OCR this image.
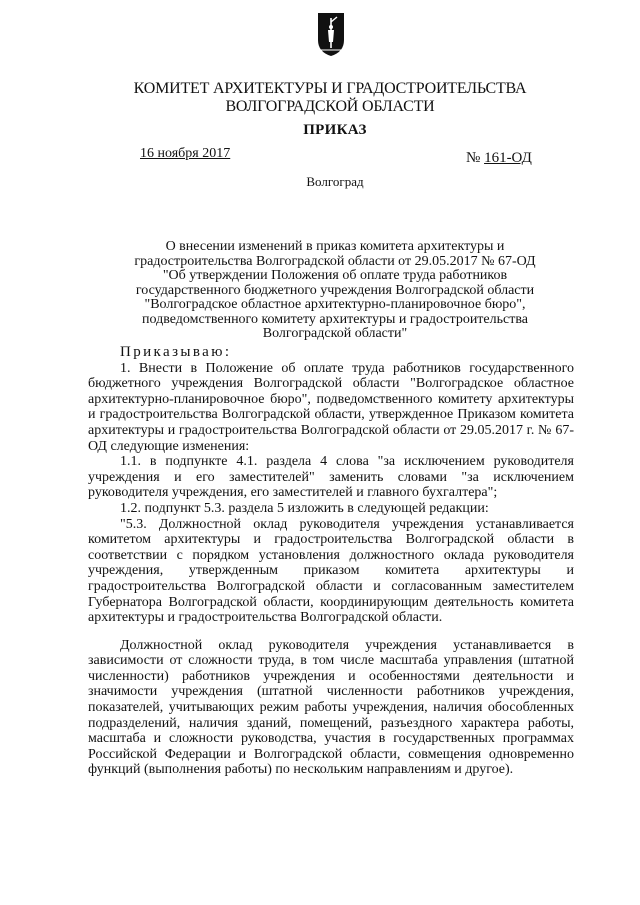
КОМИТЕТ АРХИТЕКТУРЫ И ГРАДОСТРОИТЕЛЬСТВА
ВОЛГОГРАДСКОЙ ОБЛАСТИ
ПРИКАЗ
16 ноября 2017	№ 161-ОД
Волгоград
О внесении изменений в приказ комитета архитектуры и
градостроительства Волгоградской области от 29.05.2017 № 67-ОД
"Об утверждении Положения об оплате труда работников
государственного бюджетного учреждения Волгоградской области
"Волгоградское областное архитектурно-планировочное бюро",
подведомственного комитету архитектуры и градостроительства
Волгоградской области"
Приказываю:

1. Внести в Положение об оплате труда работников государственного бюджетного учреждения Волгоградской области "Волгоградское областное архитектурно-планировочное бюро", подведомственного комитету архитектуры и градостроительства Волгоградской области, утвержденное Приказом комитета архитектуры и градостроительства Волгоградской области от 29.05.2017 г. № 67-ОД следующие изменения:

1.1. в подпункте 4.1. раздела 4 слова "за исключением руководителя учреждения и его заместителей" заменить словами "за исключением руководителя учреждения, его заместителей и главного бухгалтера";

1.2. подпункт 5.3. раздела 5 изложить в следующей редакции:

"5.3. Должностной оклад руководителя учреждения устанавливается комитетом архитектуры и градостроительства Волгоградской области в соответствии с порядком установления должностного оклада руководителя учреждения, утвержденным приказом комитета архитектуры и градостроительства Волгоградской области и согласованным заместителем Губернатора Волгоградской области, координирующим деятельность комитета архитектуры и градостроительства Волгоградской области.

Должностной оклад руководителя учреждения устанавливается в зависимости от сложности труда, в том числе масштаба управления (штатной численности) работников учреждения и особенностями деятельности и значимости учреждения (штатной численности работников учреждения, показателей, учитывающих режим работы учреждения, наличия обособленных подразделений, наличия зданий, помещений, разъездного характера работы, масштаба и сложности руководства, участия в государственных программах Российской Федерации и Волгоградской области, совмещения одновременно функций (выполнения работы) по нескольким направлениям и другое).
